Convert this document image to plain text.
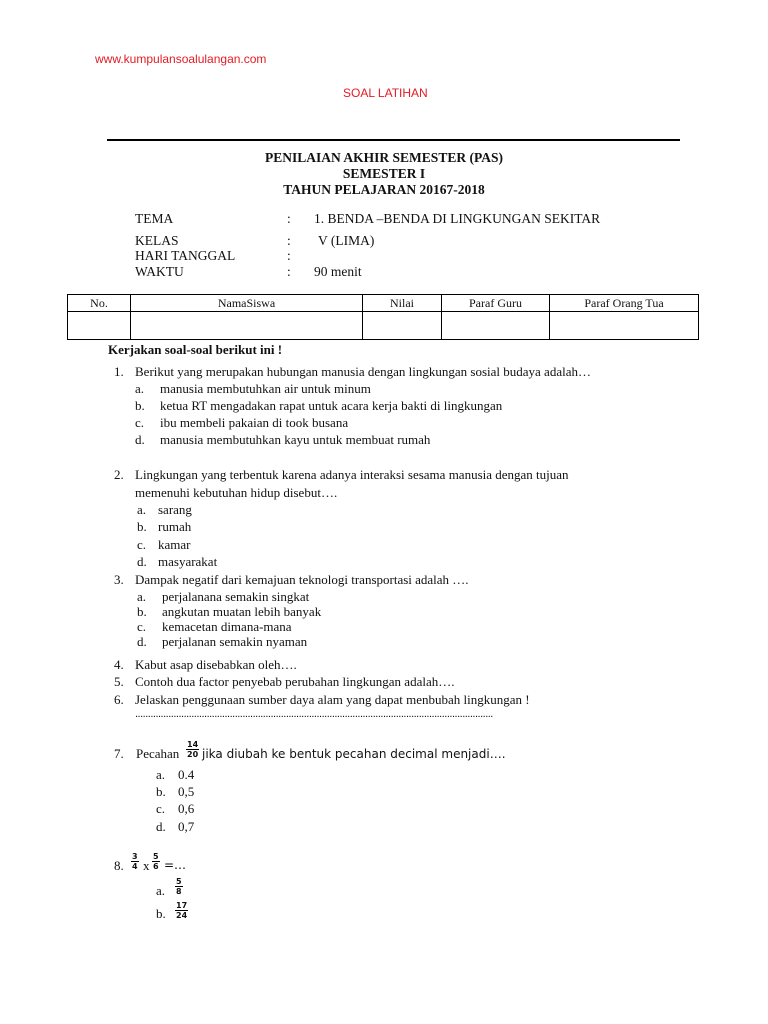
www.kumpulansoalulangan.com
SOAL LATIHAN
PENILAIAN AKHIR SEMESTER (PAS)
SEMESTER I
TAHUN PELAJARAN 20167-2018
TEMA	: 1. BENDA –BENDA DI LINGKUNGAN SEKITAR
KELAS	: V (LIMA)
HARI TANGGAL	:
WAKTU	: 90 menit
No.	NamaSiswa	Nilai	Paraf Guru	Paraf Orang Tua

Kerjakan soal-soal berikut ini !
1. Berikut yang merupakan hubungan manusia dengan lingkungan sosial budaya adalah…
a. manusia membutuhkan air untuk minum
b. ketua RT mengadakan rapat untuk acara kerja bakti di lingkungan
c. ibu membeli pakaian di took busana
d. manusia membutuhkan kayu untuk membuat rumah
2. Lingkungan yang terbentuk karena adanya interaksi sesama manusia dengan tujuan
memenuhi kebutuhan hidup disebut….
a. sarang
b. rumah
c. kamar
d. masyarakat
3. Dampak negatif dari kemajuan teknologi transportasi adalah ….
a. perjalanana semakin singkat
b. angkutan muatan lebih banyak
c. kemacetan dimana-mana
d. perjalanan semakin nyaman
4. Kabut asap disebabkan oleh….
5. Contoh dua factor penyebab perubahan lingkungan adalah….
6. Jelaskan penggunaan sumber daya alam yang dapat menbubah lingkungan !
............................................................................................................................................
7. Pecahan $\frac{14}{20}$ jika diubah ke bentuk pecahan decimal menjadi….
a. 0.4
b. 0,5
c. 0,6
d. 0,7
8. $\frac{3}{4}$ x $\frac{5}{6}$ =…
a. $\frac{5}{8}$
b. $\frac{17}{24}$
